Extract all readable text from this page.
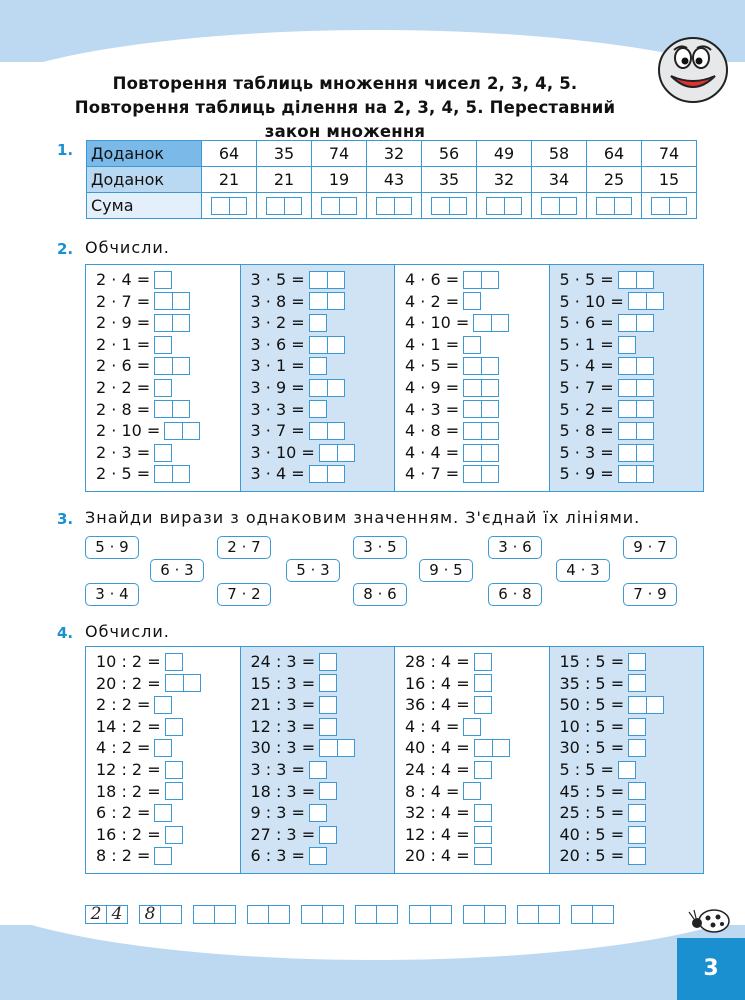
Повторення таблиць множення чисел 2, 3, 4, 5. Повторення таблиць ділення на 2, 3, 4, 5. Переставний закон множення
1. Доданок	64	35	74	32	56	49	58	64	74
Доданок	21	21	19	43	35	32	34	25	15
Сума									
2. Обчисли.
2 · 4 =
2 · 7 =
2 · 9 =
2 · 1 =
2 · 6 =
2 · 2 =
2 · 8 =
2 · 10 =
2 · 3 =
2 · 5 =
3 · 5 =
3 · 8 =
3 · 2 =
3 · 6 =
3 · 1 =
3 · 9 =
3 · 3 =
3 · 7 =
3 · 10 =
3 · 4 =
4 · 6 =
4 · 2 =
4 · 10 =
4 · 1 =
4 · 5 =
4 · 9 =
4 · 3 =
4 · 8 =
4 · 4 =
4 · 7 =
5 · 5 =
5 · 10 =
5 · 6 =
5 · 1 =
5 · 4 =
5 · 7 =
5 · 2 =
5 · 8 =
5 · 3 =
5 · 9 =
3. Знайди вирази з однаковим значенням. З'єднай їх лініями.
5 · 9	2 · 7	3 · 5	3 · 6	9 · 7
6 · 3	5 · 3	9 · 5	4 · 3
3 · 4	7 · 2	8 · 6	6 · 8	7 · 9
4. Обчисли.
10 : 2 =
20 : 2 =
2 : 2 =
14 : 2 =
4 : 2 =
12 : 2 =
18 : 2 =
6 : 2 =
16 : 2 =
8 : 2 =
24 : 3 =
15 : 3 =
21 : 3 =
12 : 3 =
30 : 3 =
3 : 3 =
18 : 3 =
9 : 3 =
27 : 3 =
6 : 3 =
28 : 4 =
16 : 4 =
36 : 4 =
4 : 4 =
40 : 4 =
24 : 4 =
8 : 4 =
32 : 4 =
12 : 4 =
20 : 4 =
15 : 5 =
35 : 5 =
50 : 5 =
10 : 5 =
30 : 5 =
5 : 5 =
45 : 5 =
25 : 5 =
40 : 5 =
20 : 5 =
2 4	8
3
